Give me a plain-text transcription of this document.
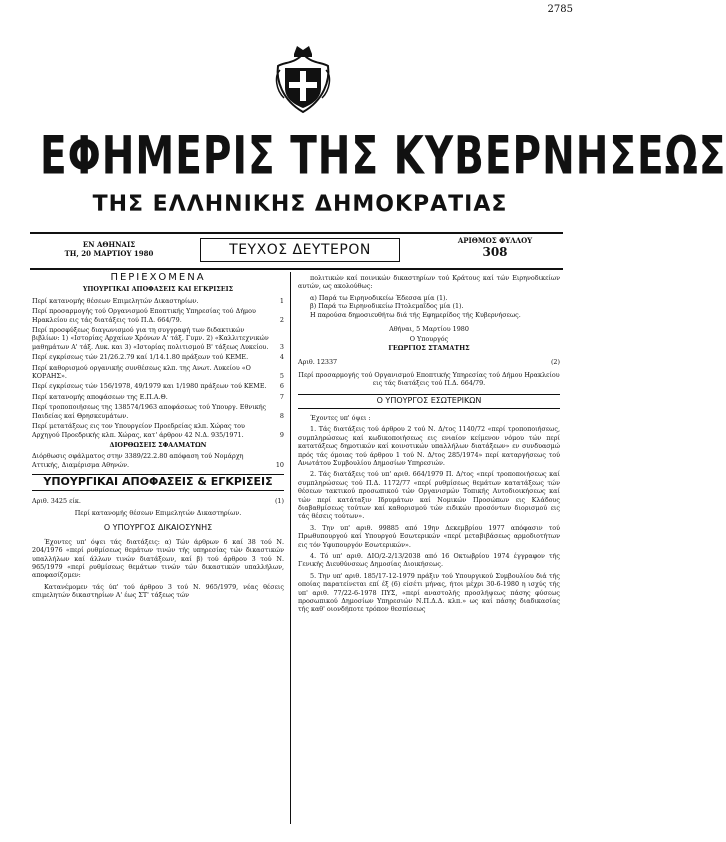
2785
ΕΦΗΜΕΡΙΣ ΤΗΣ ΚΥΒΕΡΝΗΣΕΩΣ
ΤΗΣ ΕΛΛΗΝΙΚΗΣ ΔΗΜΟΚΡΑΤΙΑΣ
ΕΝ ΑΘΗΝΑΙΣ
ΤΗ, 20 ΜΑΡΤΙΟΥ 1980	ΤΕΥΧΟΣ ΔΕΥΤΕΡΟΝ
ΑΡΙΘΜΟΣ ΦΥΛΛΟΥ
308
ΠΕΡΙΕΧΟΜΕΝΑ
ΥΠΟΥΡΓΙΚΑΙ ΑΠΟΦΑΣΕΙΣ ΚΑΙ ΕΓΚΡΙΣΕΙΣ
Περί κατανομής θέσεων Επιμελητών Δικαστηρίων.	1
Περί προσαρμογής τού Οργανισμού Εποπτικής Υπηρεσίας τού Δήμου Ηρακλείου εις τάς διατάξεις τού Π.Δ. 664/79.	2
Περί προσφύξεως διαγωνισμού για τη συγγραφή των διδακτικών βιβλίων: 1) «Ιστορίας Αρχαίων Χρόνων Α' τάξ. Γυμν. 2) «Καλλιτεχνικών μαθημάτων Α' τάξ. Λυκ. και 3) «Ιστορίας πολιτισμού Β' τάξεως Λυκείου.	3
Περί εγκρίσεως τών 21/26.2.79 καί 1/14.1.80 πράξεων τού ΚΕΜΕ.	4
Περί καθορισμού οργανικής συνθέσεως κλπ. της Ανωτ. Λυκείου «Ο ΚΟΡΑΗΣ».	5
Περί εγκρίσεως τών 156/1978, 49/1979 και 1/1980 πράξεων τού ΚΕΜΕ.	6
Περί κατανομής αποφάσεων της Ε.Π.Α.Θ.	7
Περί τροποποιήσεως της 138574/1963 αποφάσεως τού Υπουργ. Εθνικής Παιδείας καί Θρησκευμάτων.	8
Περί μετατάξεως εις τον Υπουργείον Προεδρείας κλπ. Χώρας του Αρχηγού Προεδρικής κλπ. Χώρας, κατ' άρθρον 42 Ν.Δ. 935/1971.	9
ΔΙΟΡΘΩΣΕΙΣ ΣΦΑΛΜΑΤΩΝ
Διόρθωσις σφάλματος στην 3389/22.2.80 απόφαση τού Νομάρχη Αττικής, Διαμέρισμα Αθηνών.	10
ΥΠΟΥΡΓΙΚΑΙ ΑΠΟΦΑΣΕΙΣ & ΕΓΚΡΙΣΕΙΣ
Αριθ. 3425 είκ.	(1)
Περί κατανομής θέσεων Επιμελητών Δικαστηρίων.
Ο ΥΠΟΥΡΓΟΣ ΔΙΚΑΙΟΣΥΝΗΣ
Έχοντες υπ' όψει τάς διατάξεις: α) Τών άρθρων 6 καί 38 τού Ν. 204/1976 «περί ρυθμίσεως θεμάτων τινών τής υπηρεσίας τών δικαστικών υπαλλήλων καί άλλων τινών διατάξεων, καί β) τού άρθρου 3 τού Ν. 965/1979 «περί ρυθμίσεως θεμάτων τινών τών δικαστικών υπαλλήλων, αποφασίζομεν:
Κατανέμομεν τάς ύπ' τού άρθρου 3 τού Ν. 965/1979, νέας θέσεις επιμελητών δικαστηρίων Α' έως ΣΤ' τάξεως τών
πολιτικών καί ποινικών δικαστηρίων τού Κράτους καί τών Ειρηνοδικείων αυτών, ως ακολούθως:
α) Παρά τω Ειρηνοδικείω Έδεσσα μία (1).
β) Παρά τω Ειρηνοδικείω Πτολεμαΐδος μία (1).
Η παρούσα δημοσιευθήτω διά τής Εφημερίδος τής Κυβερνήσεως.
Αθήναι, 5 Μαρτίου 1980
Ο Υπουργός
ΓΕΩΡΓΙΟΣ ΣΤΑΜΑΤΗΣ
Αριθ. 12337	(2)
Περί προσαρμογής τού Οργανισμού Εποπτικής Υπηρεσίας τού Δήμου Ηρακλείου εις τάς διατάξεις τού Π.Δ. 664/79.
Ο ΥΠΟΥΡΓΟΣ ΕΣΩΤΕΡΙΚΩΝ
Έχοντες υπ' όψει :
1. Τάς διατάξεις τού άρθρου 2 τού Ν. Δ/τος 1140/72 «περί τροποποιήσεως, συμπληρώσεως καί κωδικοποιήσεως εις ενιαίον κείμενον νόμου τών περί κατατάξεως δημοτικών καί κοινοτικών υπαλλήλων διατάξεων» εν συνδυασμώ πρός τάς όμοιας τού άρθρου 1 τού Ν. Δ/τος 285/1974» περί καταργήσεως τού Ανωτάτου Συμβουλίου Δημοσίων Υπηρεσιών.
2. Τάς διατάξεις τού υπ' αριθ. 664/1979 Π. Δ/τος «περί τροποποιήσεως καί συμπληρώσεως τού Π.Δ. 1172/77 «περί ρυθμίσεως θεμάτων κατατάξεως τών θέσεων τακτικού προσωπικού τών Οργανισμών Τοπικής Αυτοδιοικήσεως καί τών περί κατάταξιν Ιδρυμάτων καί Νομικών Προσώπων εις Κλάδους διαβαθμίσεως τούτων καί καθορισμού τών ειδικών προσόντων διορισμού εις τάς θέσεις τούτων».
3. Την υπ' αριθ. 99885 από 19ην Δεκεμβρίου 1977 απόφασιν τού Πρωθυπουργού καί Υπουργού Εσωτερικών «περί μεταβιβάσεως αρμοδιοτήτων εις τόν Υφυπουργόν Εσωτερικών».
4. Τό υπ' αριθ. ΔΙΟ/2-2/13/2038 από 16 Οκτωβρίου 1974 έγγραφον τής Γενικής Διευθύνσεως Δημοσίας Διοικήσεως.
5. Την υπ' αριθ. 185/17-12-1979 πράξιν τού Υπουργικού Συμβουλίου διά τής οποίας παρατείνεται επί έξ (6) είσέτι μήνας, ήτοι μέχρι 30-6-1980 η ισχύς τής υπ' αριθ. 77/22-6-1978 ΠΥΣ, «περί αναστολής προσλήψεως πάσης φύσεως προσωπικού Δημοσίων Υπηρεσιών Ν.Π.Δ.Δ. κλπ.» ως καί πάσης διαδικασίας τής καθ' οιονδήποτε τρόπον θεσπίσεως
